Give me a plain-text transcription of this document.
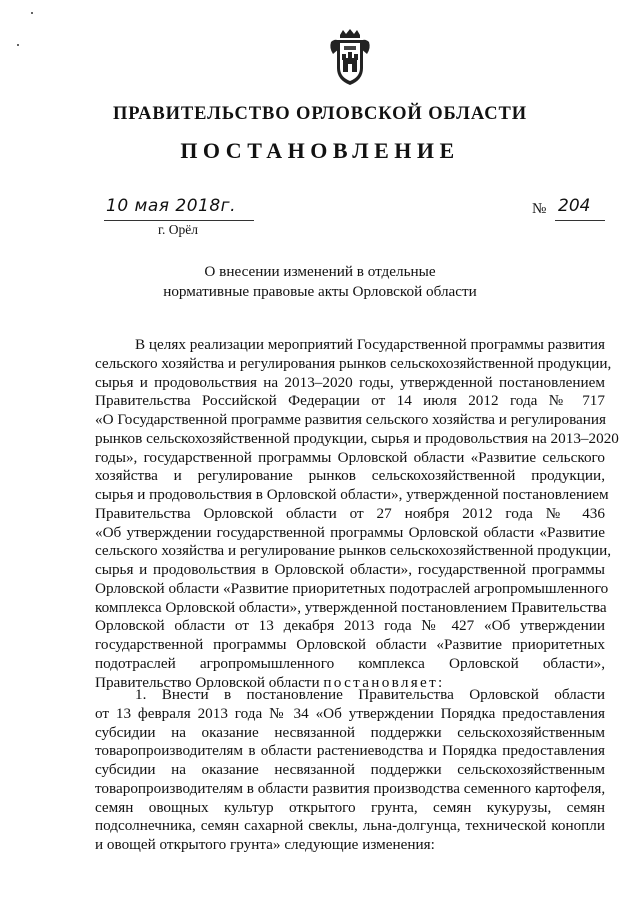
ПРАВИТЕЛЬСТВО ОРЛОВСКОЙ ОБЛАСТИ
ПОСТАНОВЛЕНИЕ
10 мая 2018г.
г. Орёл
№ 204
О внесении изменений в отдельные
нормативные правовые акты Орловской области
В целях реализации мероприятий Государственной программы развития
сельского хозяйства и регулирования рынков сельскохозяйственной продукции,
сырья и продовольствия на 2013–2020 годы, утвержденной постановлением
Правительства Российской Федерации от 14 июля 2012 года № 717
«О Государственной программе развития сельского хозяйства и регулирования
рынков сельскохозяйственной продукции, сырья и продовольствия на 2013–2020
годы», государственной программы Орловской области «Развитие сельского
хозяйства и регулирование рынков сельскохозяйственной продукции,
сырья и продовольствия в Орловской области», утвержденной постановлением
Правительства Орловской области от 27 ноября 2012 года № 436
«Об утверждении государственной программы Орловской области «Развитие
сельского хозяйства и регулирование рынков сельскохозяйственной продукции,
сырья и продовольствия в Орловской области», государственной программы
Орловской области «Развитие приоритетных подотраслей агропромышленного
комплекса Орловской области», утвержденной постановлением Правительства
Орловской области от 13 декабря 2013 года № 427 «Об утверждении
государственной программы Орловской области «Развитие приоритетных
подотраслей агропромышленного комплекса Орловской области»,
Правительство Орловской области постановляет:
1. Внести в постановление Правительства Орловской области
от 13 февраля 2013 года № 34 «Об утверждении Порядка предоставления
субсидии на оказание несвязанной поддержки сельскохозяйственным
товаропроизводителям в области растениеводства и Порядка предоставления
субсидии на оказание несвязанной поддержки сельскохозяйственным
товаропроизводителям в области развития производства семенного картофеля,
семян овощных культур открытого грунта, семян кукурузы, семян
подсолнечника, семян сахарной свеклы, льна-долгунца, технической конопли
и овощей открытого грунта» следующие изменения:
